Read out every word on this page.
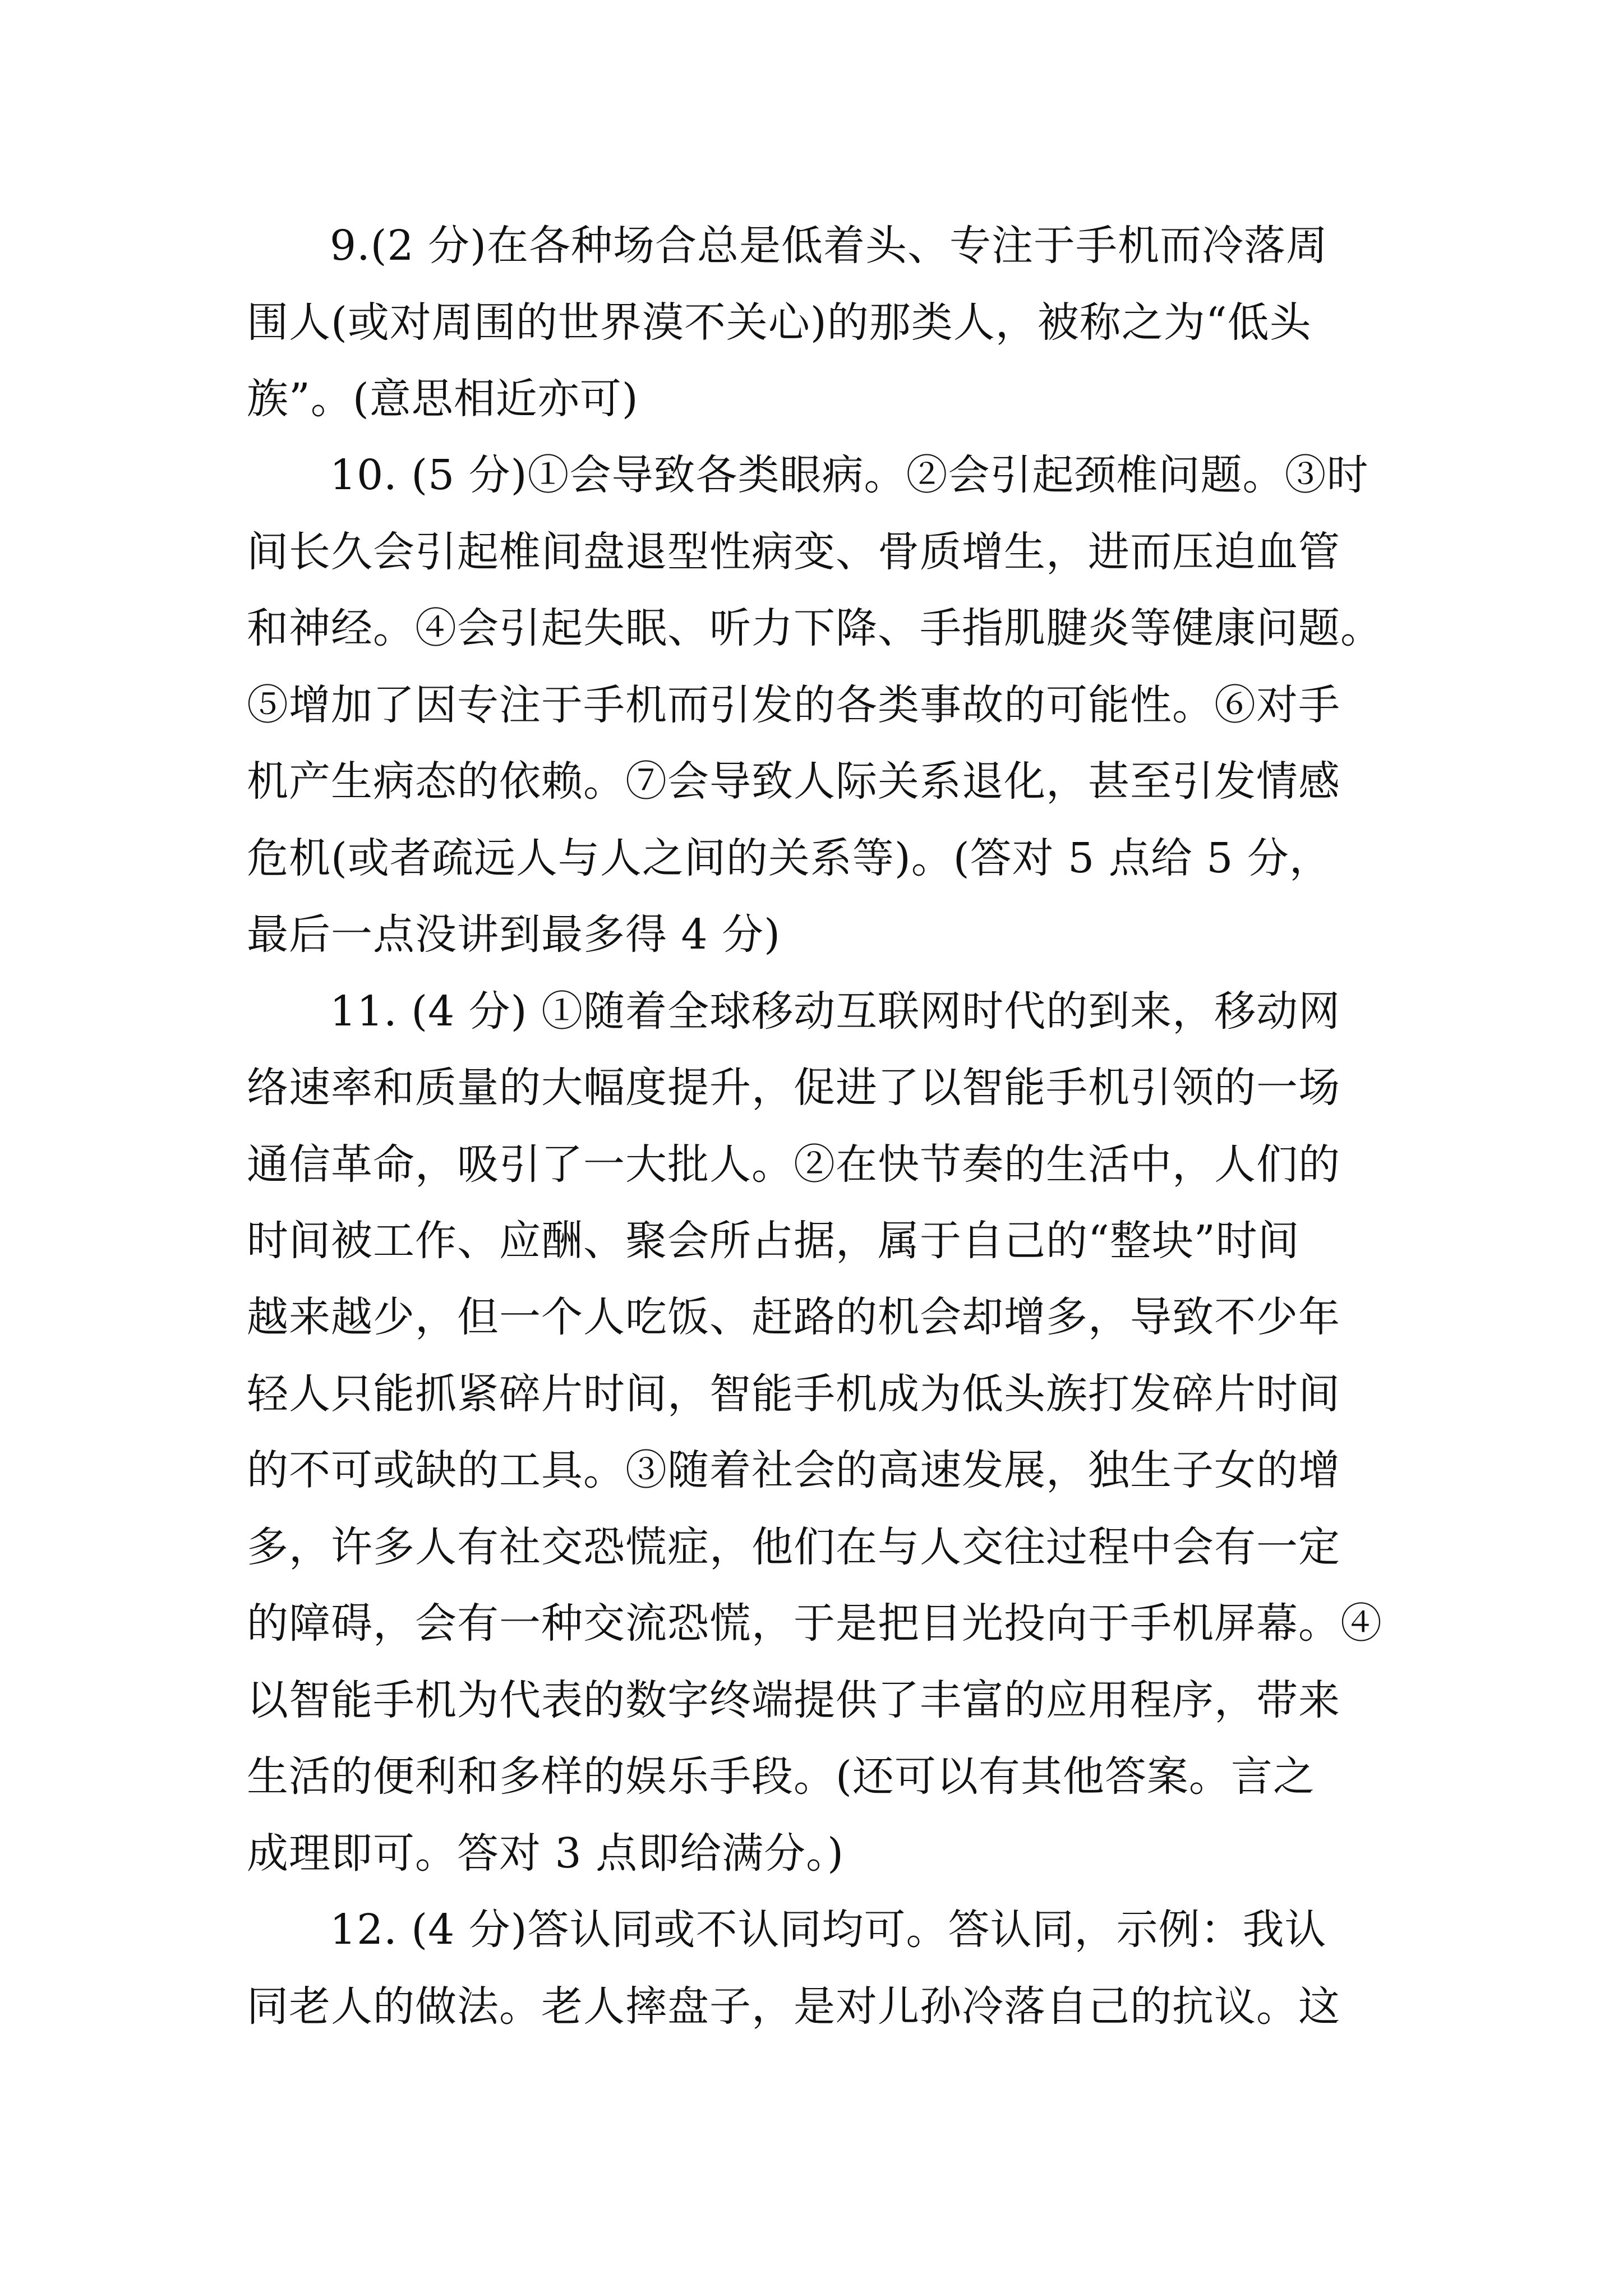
9.(2 分)在各种场合总是低着头、专注于手机而冷落周
围人(或对周围的世界漠不关心)的那类人，被称之为“低头
族”。(意思相近亦可)
10. (5 分)①会导致各类眼病。②会引起颈椎问题。③时
间长久会引起椎间盘退型性病变、骨质增生，进而压迫血管
和神经。④会引起失眠、听力下降、手指肌腱炎等健康问题。
⑤增加了因专注于手机而引发的各类事故的可能性。⑥对手
机产生病态的依赖。⑦会导致人际关系退化，甚至引发情感
危机(或者疏远人与人之间的关系等)。(答对 5 点给 5 分，
最后一点没讲到最多得 4 分)
11. (4 分) ①随着全球移动互联网时代的到来，移动网
络速率和质量的大幅度提升，促进了以智能手机引领的一场
通信革命，吸引了一大批人。②在快节奏的生活中，人们的
时间被工作、应酬、聚会所占据，属于自己的“整块”时间
越来越少，但一个人吃饭、赶路的机会却增多，导致不少年
轻人只能抓紧碎片时间，智能手机成为低头族打发碎片时间
的不可或缺的工具。③随着社会的高速发展，独生子女的增
多，许多人有社交恐慌症，他们在与人交往过程中会有一定
的障碍，会有一种交流恐慌，于是把目光投向于手机屏幕。④
以智能手机为代表的数字终端提供了丰富的应用程序，带来
生活的便利和多样的娱乐手段。(还可以有其他答案。言之
成理即可。答对 3 点即给满分。)
12. (4 分)答认同或不认同均可。答认同，示例：我认
同老人的做法。老人摔盘子，是对儿孙冷落自己的抗议。这
